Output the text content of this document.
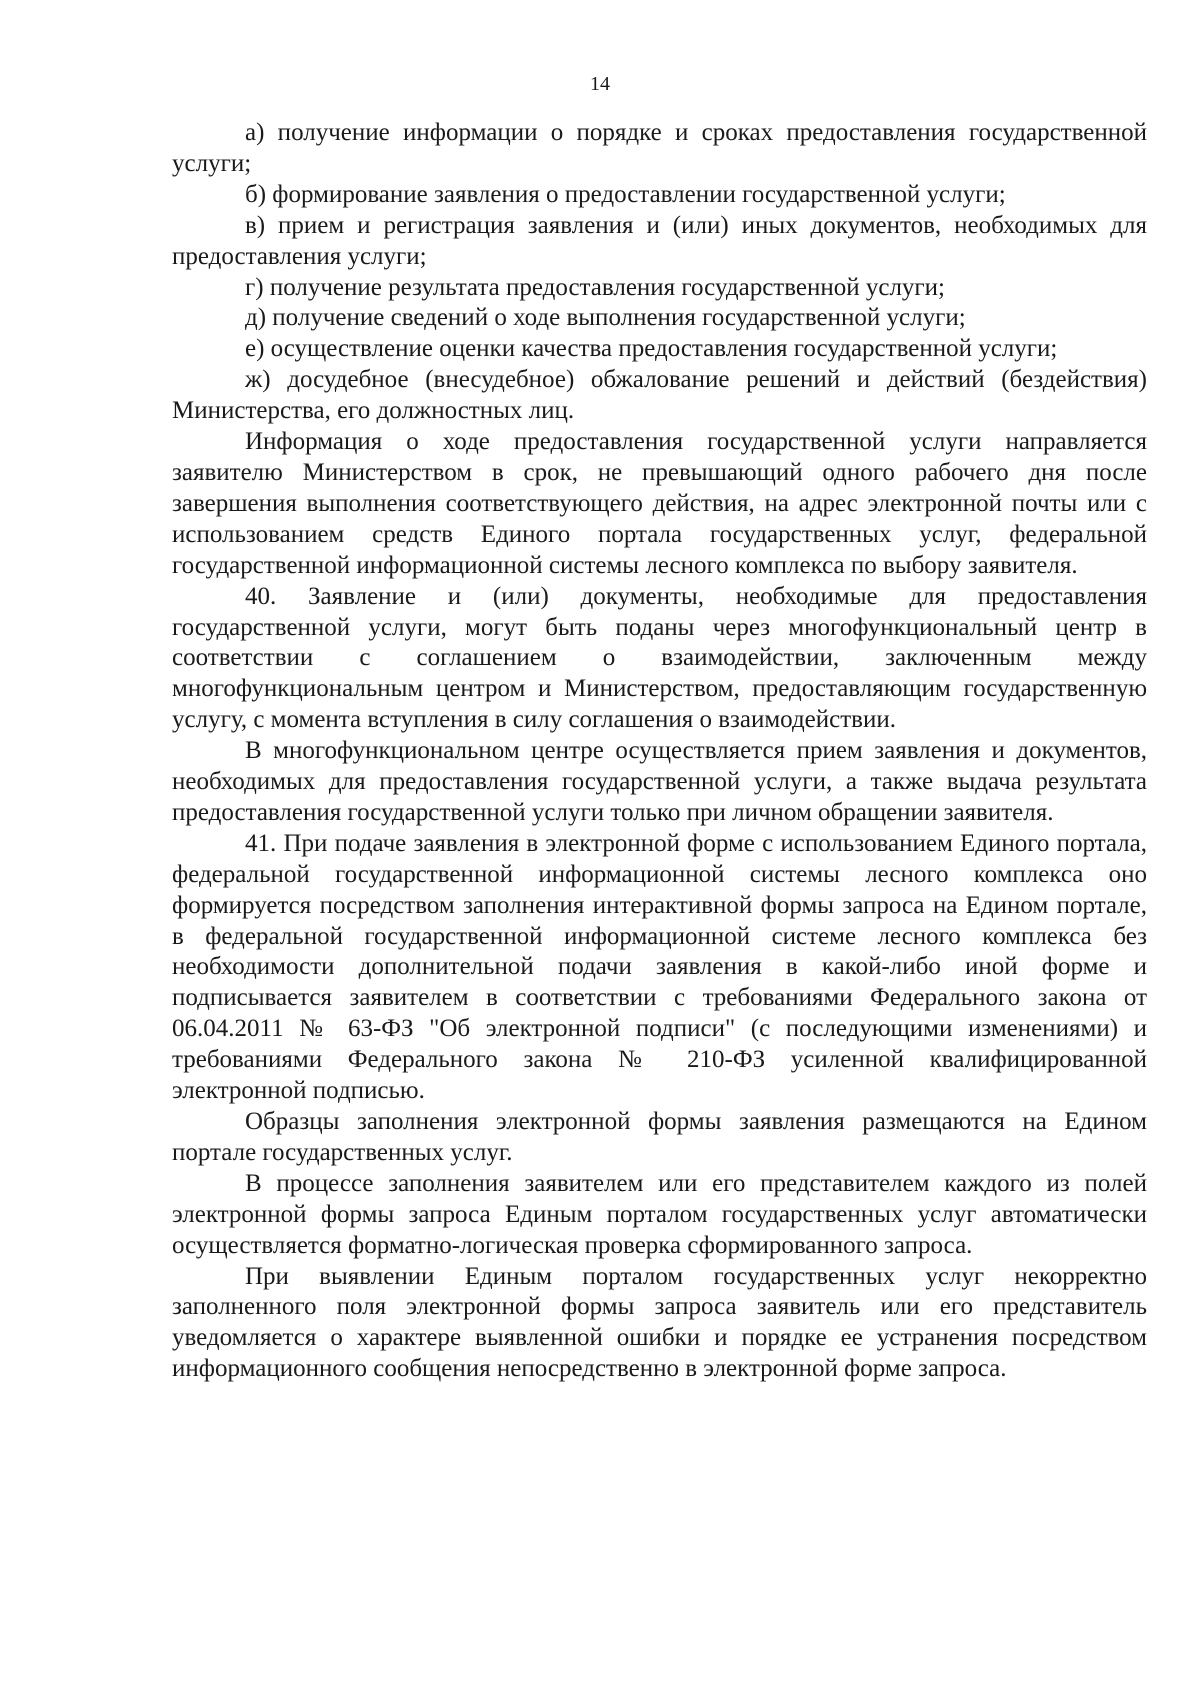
14

а) получение информации о порядке и сроках предоставления государственной услуги;

б) формирование заявления о предоставлении государственной услуги;

в) прием и регистрация заявления и (или) иных документов, необходимых для предоставления услуги;

г) получение результата предоставления государственной услуги;

д) получение сведений о ходе выполнения государственной услуги;

е) осуществление оценки качества предоставления государственной услуги;

ж) досудебное (внесудебное) обжалование решений и действий (бездействия) Министерства, его должностных лиц.

Информация о ходе предоставления государственной услуги направляется заявителю Министерством в срок, не превышающий одного рабочего дня после завершения выполнения соответствующего действия, на адрес электронной почты или с использованием средств Единого портала государственных услуг, федеральной государственной информационной системы лесного комплекса по выбору заявителя.

40. Заявление и (или) документы, необходимые для предоставления государственной услуги, могут быть поданы через многофункциональный центр в соответствии с соглашением о взаимодействии, заключенным между многофункциональным центром и Министерством, предоставляющим государственную услугу, с момента вступления в силу соглашения о взаимодействии.

В многофункциональном центре осуществляется прием заявления и документов, необходимых для предоставления государственной услуги, а также выдача результата предоставления государственной услуги только при личном обращении заявителя.

41. При подаче заявления в электронной форме с использованием Единого портала, федеральной государственной информационной системы лесного комплекса оно формируется посредством заполнения интерактивной формы запроса на Едином портале, в федеральной государственной информационной системе лесного комплекса без необходимости дополнительной подачи заявления в какой-либо иной форме и подписывается заявителем в соответствии с требованиями Федерального закона от 06.04.2011 № 63-ФЗ "Об электронной подписи" (с последующими изменениями) и требованиями Федерального закона № 210-ФЗ усиленной квалифицированной электронной подписью.

Образцы заполнения электронной формы заявления размещаются на Едином портале государственных услуг.

В процессе заполнения заявителем или его представителем каждого из полей электронной формы запроса Единым порталом государственных услуг автоматически осуществляется форматно-логическая проверка сформированного запроса.

При выявлении Единым порталом государственных услуг некорректно заполненного поля электронной формы запроса заявитель или его представитель уведомляется о характере выявленной ошибки и порядке ее устранения посредством информационного сообщения непосредственно в электронной форме запроса.
